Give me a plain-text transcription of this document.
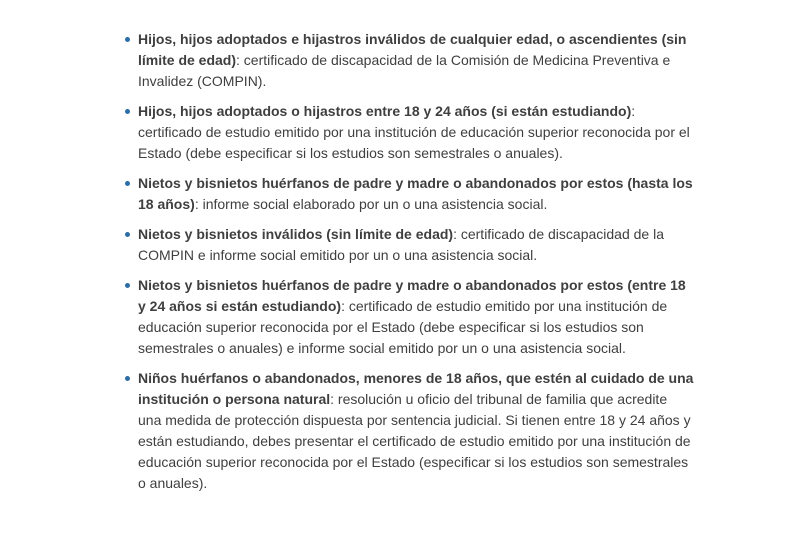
Hijos, hijos adoptados e hijastros inválidos de cualquier edad, o ascendientes (sin límite de edad): certificado de discapacidad de la Comisión de Medicina Preventiva e Invalidez (COMPIN).
Hijos, hijos adoptados o hijastros entre 18 y 24 años (si están estudiando): certificado de estudio emitido por una institución de educación superior reconocida por el Estado (debe especificar si los estudios son semestrales o anuales).
Nietos y bisnietos huérfanos de padre y madre o abandonados por estos (hasta los 18 años): informe social elaborado por un o una asistencia social.
Nietos y bisnietos inválidos (sin límite de edad): certificado de discapacidad de la COMPIN e informe social emitido por un o una asistencia social.
Nietos y bisnietos huérfanos de padre y madre o abandonados por estos (entre 18 y 24 años si están estudiando): certificado de estudio emitido por una institución de educación superior reconocida por el Estado (debe especificar si los estudios son semestrales o anuales) e informe social emitido por un o una asistencia social.
Niños huérfanos o abandonados, menores de 18 años, que estén al cuidado de una institución o persona natural: resolución u oficio del tribunal de familia que acredite una medida de protección dispuesta por sentencia judicial. Si tienen entre 18 y 24 años y están estudiando, debes presentar el certificado de estudio emitido por una institución de educación superior reconocida por el Estado (especificar si los estudios son semestrales o anuales).
